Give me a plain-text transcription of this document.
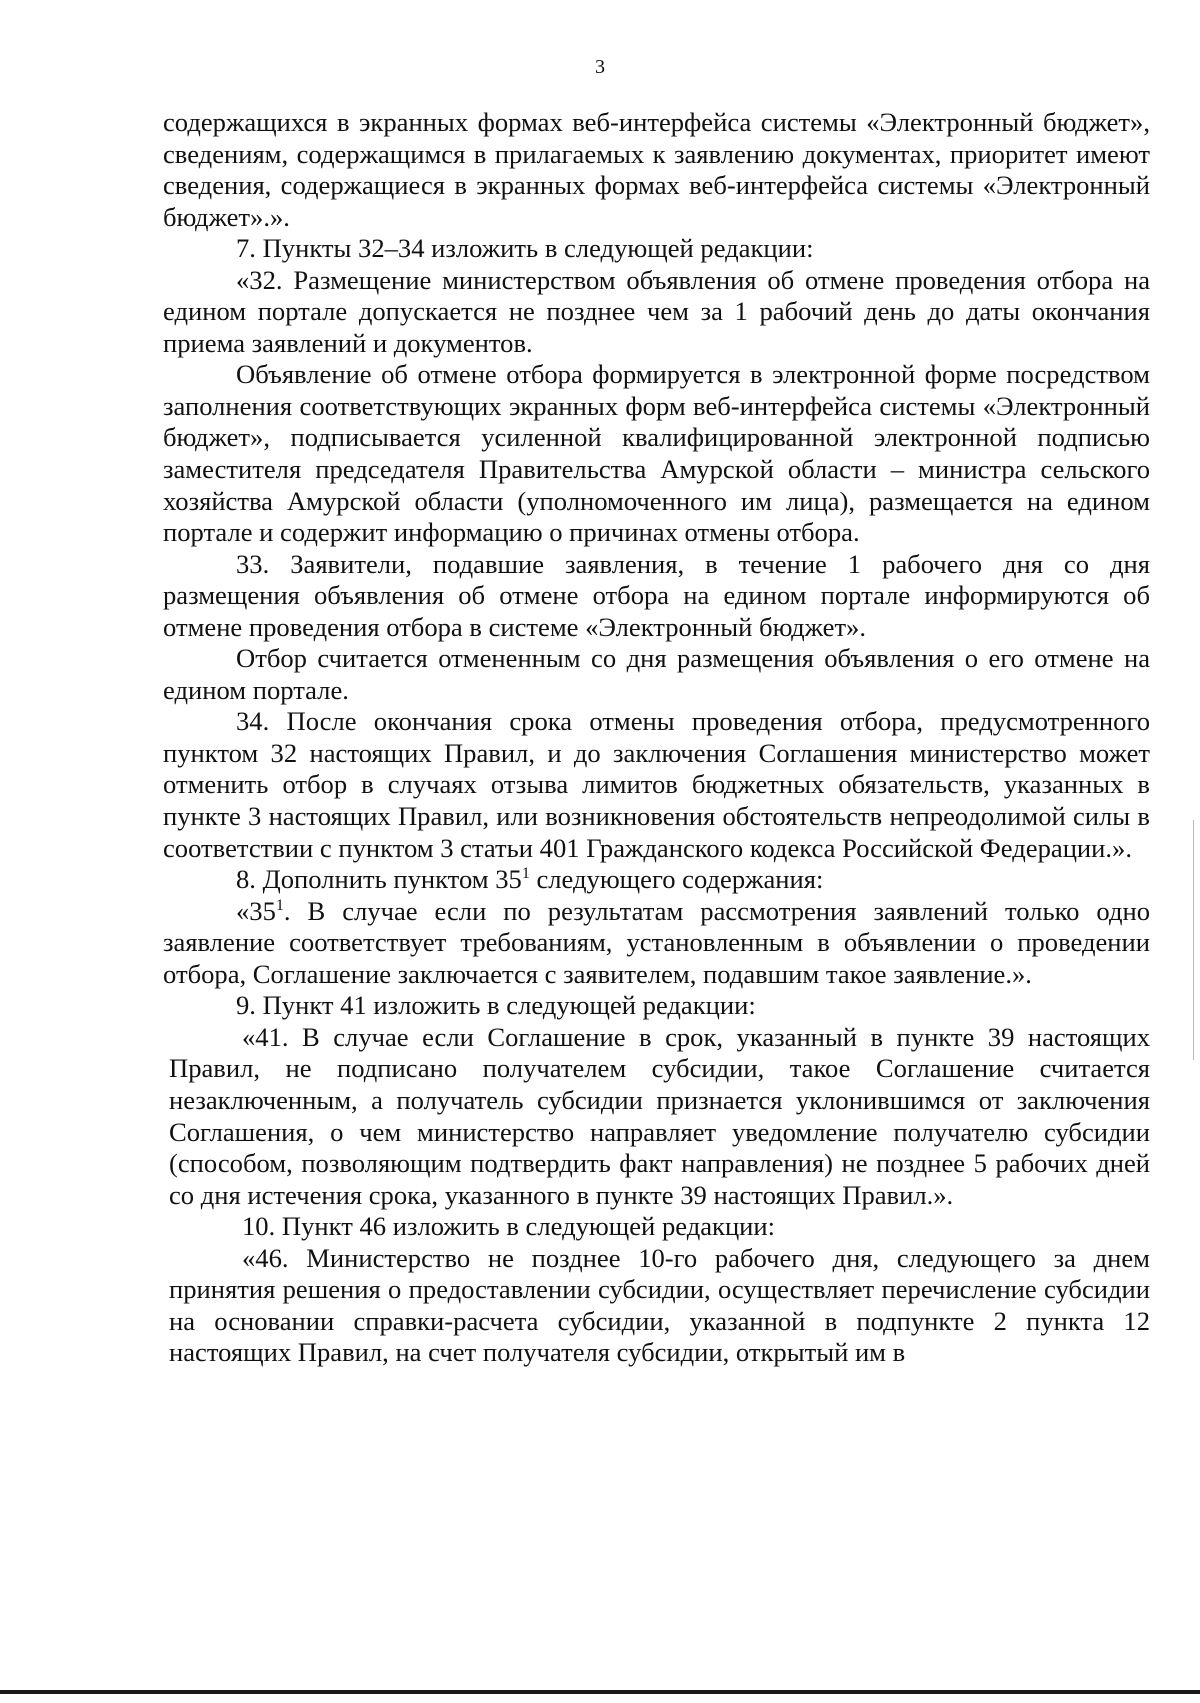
3

содержащихся в экранных формах веб-интерфейса системы «Электронный бюджет», сведениям, содержащимся в прилагаемых к заявлению документах, приоритет имеют сведения, содержащиеся в экранных формах веб-интерфейса системы «Электронный бюджет».».

7. Пункты 32–34 изложить в следующей редакции:

«32. Размещение министерством объявления об отмене проведения отбора на едином портале допускается не позднее чем за 1 рабочий день до даты окончания приема заявлений и документов.

Объявление об отмене отбора формируется в электронной форме посредством заполнения соответствующих экранных форм веб-интерфейса системы «Электронный бюджет», подписывается усиленной квалифицированной электронной подписью заместителя председателя Правительства Амурской области – министра сельского хозяйства Амурской области (уполномоченного им лица), размещается на едином портале и содержит информацию о причинах отмены отбора.

33. Заявители, подавшие заявления, в течение 1 рабочего дня со дня размещения объявления об отмене отбора на едином портале информируются об отмене проведения отбора в системе «Электронный бюджет».

Отбор считается отмененным со дня размещения объявления о его отмене на едином портале.

34. После окончания срока отмены проведения отбора, предусмотренного пунктом 32 настоящих Правил, и до заключения Соглашения министерство может отменить отбор в случаях отзыва лимитов бюджетных обязательств, указанных в пункте 3 настоящих Правил, или возникновения обстоятельств непреодолимой силы в соответствии с пунктом 3 статьи 401 Гражданского кодекса Российской Федерации.».

8. Дополнить пунктом $35^1$ следующего содержания:

«$35^1$. В случае если по результатам рассмотрения заявлений только одно заявление соответствует требованиям, установленным в объявлении о проведении отбора, Соглашение заключается с заявителем, подавшим такое заявление.».

9. Пункт 41 изложить в следующей редакции:

«41. В случае если Соглашение в срок, указанный в пункте 39 настоящих Правил, не подписано получателем субсидии, такое Соглашение считается незаключенным, а получатель субсидии признается уклонившимся от заключения Соглашения, о чем министерство направляет уведомление получателю субсидии (способом, позволяющим подтвердить факт направления) не позднее 5 рабочих дней со дня истечения срока, указанного в пункте 39 настоящих Правил.».

10. Пункт 46 изложить в следующей редакции:

«46. Министерство не позднее 10-го рабочего дня, следующего за днем принятия решения о предоставлении субсидии, осуществляет перечисление субсидии на основании справки-расчета субсидии, указанной в подпункте 2 пункта 12 настоящих Правил, на счет получателя субсидии, открытый им в
